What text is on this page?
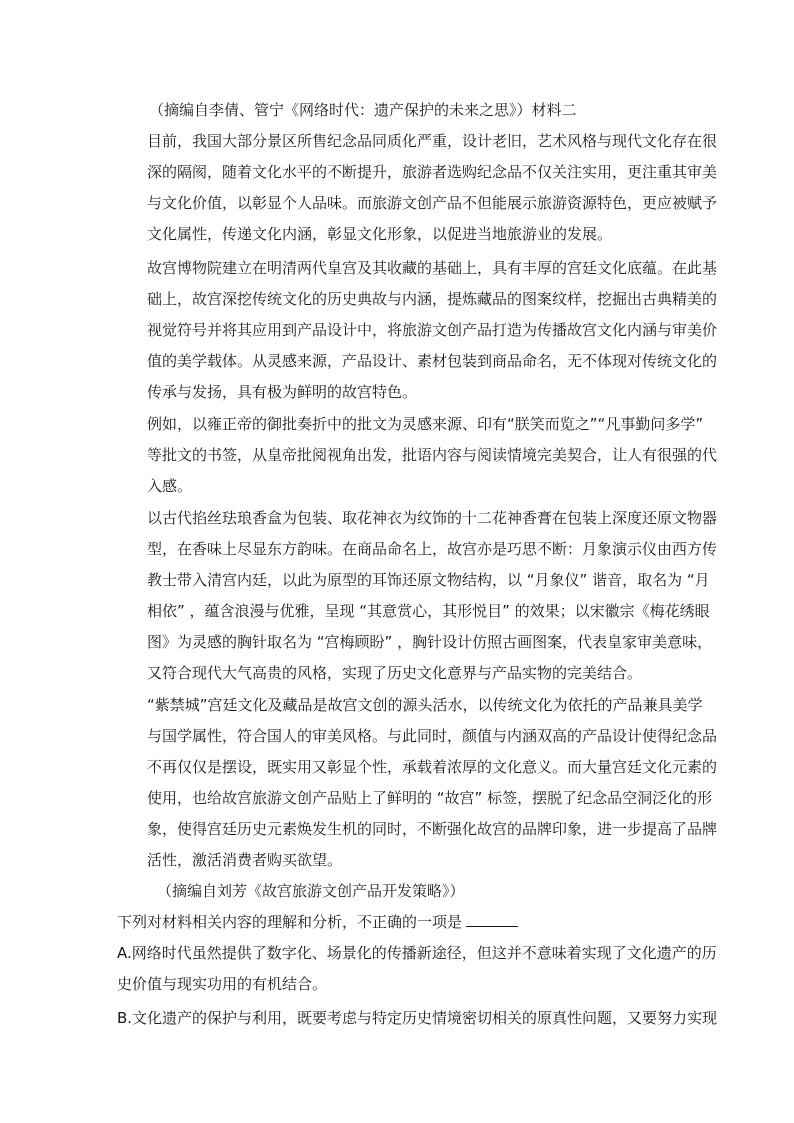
（摘编自李倩、管宁《网络时代：遗产保护的未来之思》）材料二
目前，我国大部分景区所售纪念品同质化严重，设计老旧，艺术风格与现代文化存在很
深的隔阂，随着文化水平的不断提升，旅游者选购纪念品不仅关注实用，更注重其审美
与文化价值，以彰显个人品味。而旅游文创产品不但能展示旅游资源特色，更应被赋予
文化属性，传递文化内涵，彰显文化形象，以促进当地旅游业的发展。
故宫博物院建立在明清两代皇宫及其收藏的基础上，具有丰厚的宫廷文化底蕴。在此基
础上，故宫深挖传统文化的历史典故与内涵，提炼藏品的图案纹样，挖掘出古典精美的
视觉符号并将其应用到产品设计中，将旅游文创产品打造为传播故宫文化内涵与审美价
值的美学载体。从灵感来源，产品设计、素材包装到商品命名，无不体现对传统文化的
传承与发扬，具有极为鲜明的故宫特色。
例如，以雍正帝的御批奏折中的批文为灵感来源、印有“朕笑而览之”“凡事勤问多学”
等批文的书签，从皇帝批阅视角出发，批语内容与阅读情境完美契合，让人有很强的代
入感。
以古代掐丝珐琅香盒为包装、取花神衣为纹饰的十二花神香膏在包装上深度还原文物器
型，在香味上尽显东方韵味。在商品命名上，故宫亦是巧思不断：月象演示仪由西方传
教士带入清宫内廷，以此为原型的耳饰还原文物结构，以 “月象仪” 谐音，取名为 “月
相依” ，蕴含浪漫与优雅，呈现 “其意赏心，其形悦目” 的效果；以宋徽宗《梅花绣眼
图》为灵感的胸针取名为 “宫梅顾盼” ，胸针设计仿照古画图案，代表皇家审美意味，
又符合现代大气高贵的风格，实现了历史文化意界与产品实物的完美结合。
“紫禁城”宫廷文化及藏品是故宫文创的源头活水，以传统文化为依托的产品兼具美学
与国学属性，符合国人的审美风格。与此同时，颜值与内涵双高的产品设计使得纪念品
不再仅仅是摆设，既实用又彰显个性，承载着浓厚的文化意义。而大量宫廷文化元素的
使用，也给故宫旅游文创产品贴上了鲜明的 “故宫” 标签，摆脱了纪念品空洞泛化的形
象，使得宫廷历史元素焕发生机的同时，不断强化故宫的品牌印象，进一步提高了品牌
活性，激活消费者购买欲望。
（摘编自刘芳《故宫旅游文创产品开发策略》）
下列对材料相关内容的理解和分析，不正确的一项是
A.网络时代虽然提供了数字化、场景化的传播新途径，但这并不意味着实现了文化遗产的历
史价值与现实功用的有机结合。
B.文化遗产的保护与利用，既要考虑与特定历史情境密切相关的原真性问题，又要努力实现
